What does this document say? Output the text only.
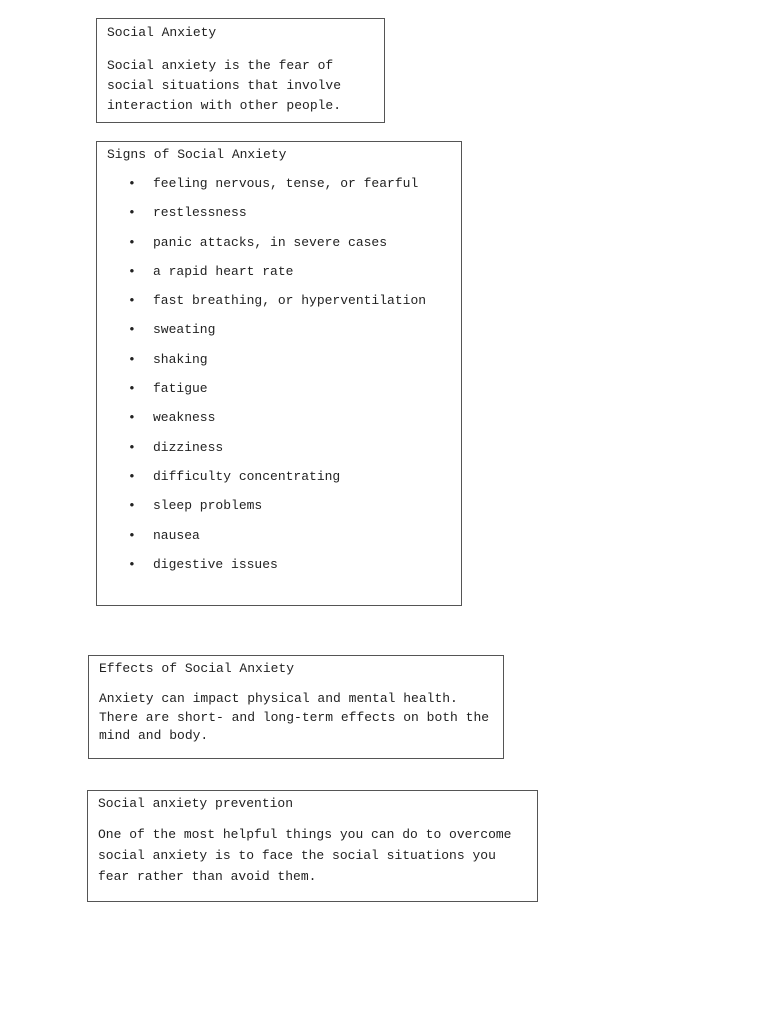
Social Anxiety
Social anxiety is the fear of social situations that involve interaction with other people.
Signs of Social Anxiety
• feeling nervous, tense, or fearful
• restlessness
• panic attacks, in severe cases
• a rapid heart rate
• fast breathing, or hyperventilation
• sweating
• shaking
• fatigue
• weakness
• dizziness
• difficulty concentrating
• sleep problems
• nausea
• digestive issues
Effects of Social Anxiety
Anxiety can impact physical and mental health. There are short- and long-term effects on both the mind and body.
Social anxiety prevention
One of the most helpful things you can do to overcome social anxiety is to face the social situations you fear rather than avoid them.
